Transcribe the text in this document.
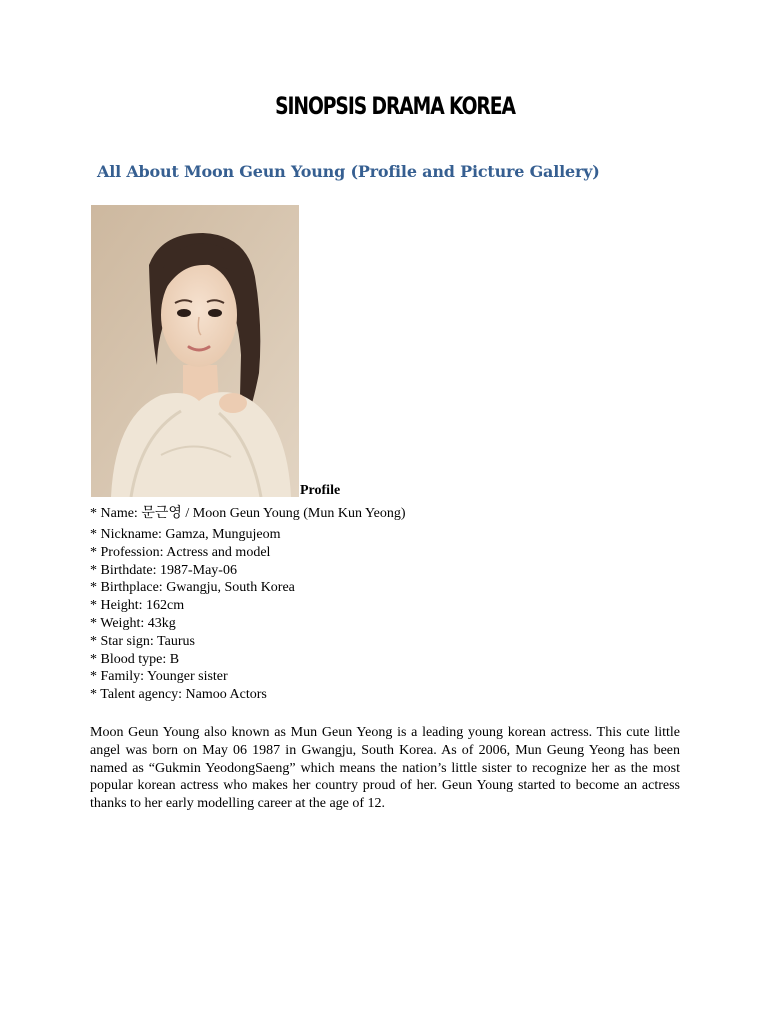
SINOPSIS DRAMA KOREA
All About Moon Geun Young (Profile and Picture Gallery)
Profile
* Name: 문근영 / Moon Geun Young (Mun Kun Yeong)
* Nickname: Gamza, Mungujeom
* Profession: Actress and model
* Birthdate: 1987-May-06
* Birthplace: Gwangju, South Korea
* Height: 162cm
* Weight: 43kg
* Star sign: Taurus
* Blood type: B
* Family: Younger sister
* Talent agency: Namoo Actors

Moon Geun Young also known as Mun Geun Yeong is a leading young korean actress. This cute little angel was born on May 06 1987 in Gwangju, South Korea. As of 2006, Mun Geung Yeong has been named as “Gukmin YeodongSaeng” which means the nation’s little sister to recognize her as the most popular korean actress who makes her country proud of her. Geun Young started to become an actress thanks to her early modelling career at the age of 12.
